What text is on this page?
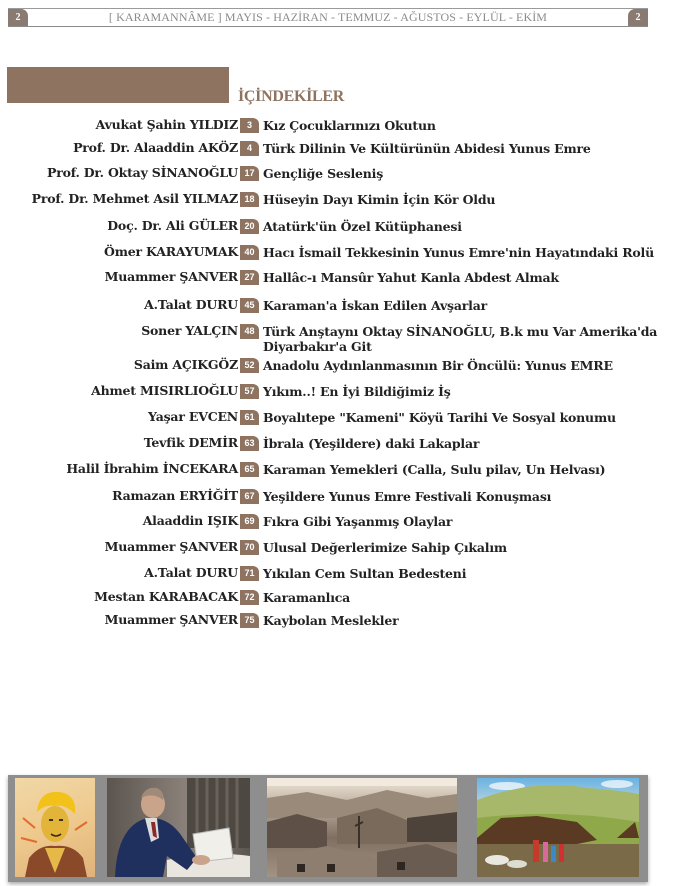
2	[ KARAMANNÂME ] MAYIS - HAZİRAN - TEMMUZ - AĞUSTOS - EYLÜL - EKİM	2
İÇİNDEKİLER
Avukat Şahin YILDIZ 3 Kız Çocuklarınızı Okutun
Prof. Dr. Alaaddin AKÖZ 4 Türk Dilinin Ve Kültürünün Abidesi Yunus Emre
Prof. Dr. Oktay SİNANOĞLU 17 Gençliğe Sesleniş
Prof. Dr. Mehmet Asil YILMAZ 18 Hüseyin Dayı Kimin İçin Kör Oldu
Doç. Dr. Ali GÜLER 20 Atatürk'ün Özel Kütüphanesi
Ömer KARAYUMAK 40 Hacı İsmail Tekkesinin Yunus Emre'nin Hayatındaki Rolü
Muammer ŞANVER 27 Hallâc-ı Mansûr Yahut Kanla Abdest Almak
A.Talat DURU 45 Karaman'a İskan Edilen Avşarlar
Soner YALÇIN 48 Türk Anştaynı Oktay SİNANOĞLU, B.k mu Var Amerika'da Diyarbakır'a Git
Saim AÇIKGÖZ 52 Anadolu Aydınlanmasının Bir Öncülü: Yunus EMRE
Ahmet MISIRLIOĞLU 57 Yıkım..! En İyi Bildiğimiz İş
Yaşar EVCEN 61 Boyalıtepe "Kameni" Köyü Tarihi Ve Sosyal konumu
Tevfik DEMİR 63 İbrala (Yeşildere) daki Lakaplar
Halil İbrahim İNCEKARA 65 Karaman Yemekleri (Calla, Sulu pilav, Un Helvası)
Ramazan ERYİĞİT 67 Yeşildere Yunus Emre Festivali Konuşması
Alaaddin IŞIK 69 Fıkra Gibi Yaşanmış Olaylar
Muammer ŞANVER 70 Ulusal Değerlerimize Sahip Çıkalım
A.Talat DURU 71 Yıkılan Cem Sultan Bedesteni
Mestan KARABACAK 72 Karamanlıca
Muammer ŞANVER 75 Kaybolan Meslekler
